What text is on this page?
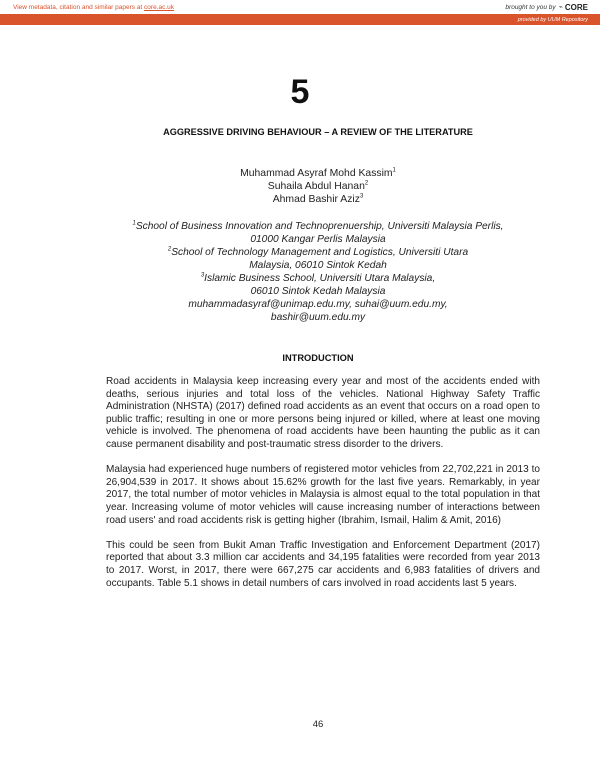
View metadata, citation and similar papers at core.ac.uk	brought to you by ⌁ CORE
provided by UUM Repository
5
AGGRESSIVE DRIVING BEHAVIOUR – A REVIEW OF THE LITERATURE
Muhammad Asyraf Mohd Kassim$^1$
Suhaila Abdul Hanan$^2$
Ahmad Bashir Aziz$^3$
$^1$School of Business Innovation and Technoprenuership, Universiti Malaysia Perlis,
01000 Kangar Perlis Malaysia
$^2$School of Technology Management and Logistics, Universiti Utara
Malaysia, 06010 Sintok Kedah
$^3$Islamic Business School, Universiti Utara Malaysia,
06010 Sintok Kedah Malaysia
muhammadasyraf@unimap.edu.my, suhai@uum.edu.my,
bashir@uum.edu.my
INTRODUCTION

Road accidents in Malaysia keep increasing every year and most of the accidents ended with deaths, serious injuries and total loss of the vehicles. National Highway Safety Traffic Administration (NHSTA) (2017) defined road accidents as an event that occurs on a road open to public traffic; resulting in one or more persons being injured or killed, where at least one moving vehicle is involved. The phenomena of road accidents have been haunting the public as it can cause permanent disability and post-traumatic stress disorder to the drivers.

Malaysia had experienced huge numbers of registered motor vehicles from 22,702,221 in 2013 to 26,904,539 in 2017. It shows about 15.62% growth for the last five years. Remarkably, in year 2017, the total number of motor vehicles in Malaysia is almost equal to the total population in that year. Increasing volume of motor vehicles will cause increasing number of interactions between road users' and road accidents risk is getting higher (Ibrahim, Ismail, Halim & Amit, 2016)

This could be seen from Bukit Aman Traffic Investigation and Enforcement Department (2017) reported that about 3.3 million car accidents and 34,195 fatalities were recorded from year 2013 to 2017. Worst, in 2017, there were 667,275 car accidents and 6,983 fatalities of drivers and occupants. Table 5.1 shows in detail numbers of cars involved in road accidents last 5 years.

46
